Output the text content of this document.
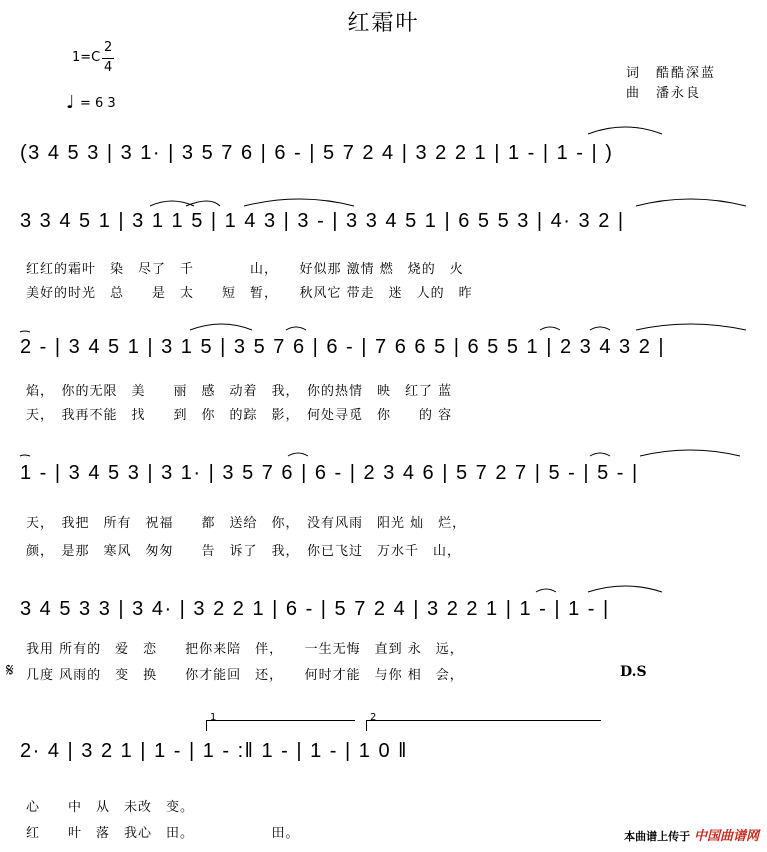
红霜叶
1=C
2
4
♩ = 6 3
词　酷酷深蓝
曲　潘永良
(3 4 5 3 | 3 1· | 3 5 7 6 | 6 - | 5 7 2 4 | 3 2 2 1 | 1 - | 1 - | )
3 3 4 5 1 | 3 1 1 5 | 1 4 3 | 3 - | 3 3 4 5 1 | 6 5 5 3 | 4· 3 2 |
红红的霜叶　染　尽了　千　　　　山，　　好似那 激情 燃　烧的　火
美好的时光　总　　是　太　　短　暂，　　秋风它 带走　迷　人的　昨
2 - | 3 4 5 1 | 3 1 5 | 3 5 7 6 | 6 - | 7 6 6 5 | 6 5 5 1 | 2 3 4 3 2 |
焰，　你的无限　美　　丽　感　动着　我，　你的热情　映　红了 蓝
天，　我再不能　找　　到　你　的踪　影，　何处寻觅　你　　的 容
1 - | 3 4 5 3 | 3 1· | 3 5 7 6 | 6 - | 2 3 4 6 | 5 7 2 7 | 5 - | 5 - |
天，　我把　所有　祝福　　都　送给　你，　没有风雨　阳光 灿　烂，
颜，　是那　寒风　匆匆　　告　诉了　我，　你已飞过　万水千　山，
3 4 5 3 3 | 3 4· | 3 2 2 1 | 6 - | 5 7 2 4 | 3 2 2 1 | 1 - | 1 - |
我用 所有的　爱　恋　　把你来陪　伴，　　一生无悔　直到 永　远，
𝄋 几度 风雨的　变　换　　你才能回　还，　　何时才能　与你 相　会，	D.S
1	2
2· 4 | 3 2 1 | 1 - | 1 - :‖ 1 - | 1 - | 1 0 ‖
心　　中　从　未改　变。
红　　叶　落　我心　田。　　　　　　田。	本曲谱上传于 中国曲谱网
